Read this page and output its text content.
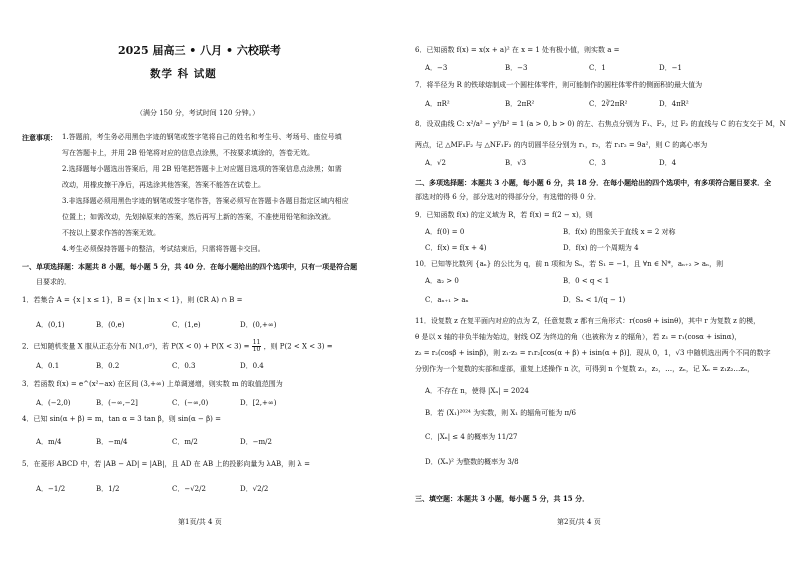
2025 届高三 • 八月 • 六校联考
数学 科 试题
（满分 150 分，考试时间 120 分钟。）
注意事项： 1.答题前，考生务必用黑色字迹的钢笔或签字笔将自己的姓名和考生号、考场号、座位号填
写在答题卡上，并用 2B 铅笔将对应的信息点涂黑，不按要求填涂的，答卷无效。
2.选择题每小题选出答案后，用 2B 铅笔把答题卡上对应题目选项的答案信息点涂黑；如需
改动，用橡皮擦干净后，再选涂其他答案，答案不能答在试卷上。
3.非选择题必须用黑色字迹的钢笔或签字笔作答，答案必须写在答题卡各题目指定区域内相应
位置上；如需改动，先划掉原来的答案，然后再写上新的答案，不准使用铅笔和涂改液。
不按以上要求作答的答案无效。
4.考生必须保持答题卡的整洁，考试结束后，只需将答题卡交回。
一、单项选择题：本题共 8 小题，每小题 5 分，共 40 分．在每小题给出的四个选项中，只有一项是符合题
目要求的．
1．若集合 A = {x | x ≤ 1}，B = {x | ln x < 1}，则 (∁R A) ∩ B =
A．(0,1)	B．(0,e)	C．(1,e)	D．(0,+∞)
2．已知随机变量 X 服从正态分布 N(1,σ²)，若 $P(X < 0) + P(X < 3) = \frac{11}{10}$ ，则 P(2 < X < 3) =
A．0.1	B．0.2	C．0.3	D．0.4
3．若函数 f(x) = e^(x²−ax) 在区间 (3,+∞) 上单调递增，则实数 m 的取值范围为
A．(−2,0)	B．(−∞,−2]	C．(−∞,0)	D．[2,+∞)
4．已知 sin(α + β) = m，tan α = 3 tan β，则 sin(α − β) =
A．m/4	B．−m/4	C．m/2	D．−m/2
5．在菱形 ABCD 中，若 |AB − AD| = |AB|，且 AD 在 AB 上的投影向量为 λAB，则 λ =
A．−1/2	B．1/2	C．−√2/2	D．√2/2
第1页/共 4 页
6．已知函数 f(x) = x(x + a)² 在 x = 1 处有极小值，则实数 a =
A．−3	B．−3	C．1	D．−1
7．将半径为 R 的铁球熔制成一个圆柱体零件，则可能制作的圆柱体零件的侧面积的最大值为
A．πR²	B．2πR²	C．2∛2πR²	D．4πR²
8．设双曲线 C: x²/a² − y²/b² = 1 (a > 0, b > 0) 的左、右焦点分别为 F₁、F₂，过 F₂ 的直线与 C 的右支交于 M，N
两点，记 △MF₁F₂ 与 △NF₁F₂ 的内切圆半径分别为 r₁，r₂，若 r₁r₂ = 9a²，则 C 的离心率为
A．√2	B．√3	C．3	D．4
二、多项选择题：本题共 3 小题，每小题 6 分，共 18 分．在每小题给出的四个选项中，有多项符合题目要求．全
部选对的得 6 分，部分选对的得部分分，有选错的得 0 分．
9．已知函数 f(x) 的定义域为 R，若 f(x) = f(2 − x)，则
A．f(0) = 0	B．f(x) 的图象关于直线 x = 2 对称
C．f(x) = f(x + 4)	D．f(x) 的一个周期为 4
10．已知等比数列 {aₙ} 的公比为 q，前 n 项和为 Sₙ，若 S₁ = −1，且 ∀n ∈ N*，aₙ₊₂ > aₙ，则
A．a₂ > 0	B．0 < q < 1
C．aₙ₊₁ > aₙ	D．Sₙ < 1/(q − 1)
11．设复数 z 在复平面内对应的点为 Z，任意复数 z 都有三角形式：r(cosθ + isinθ)，其中 r 为复数 z 的模，
θ 是以 x 轴的非负半轴为始边，射线 OZ 为终边的角（也被称为 z 的辐角），若 z₁ = r₁(cosα + isinα)，
z₂ = r₂(cosβ + isinβ)，则 z₁·z₂ = r₁r₂[cos(α + β) + isin(α + β)]．现从 0，1，√3 中随机选出两个不同的数字
分别作为一个复数的实部和虚部，重复上述操作 n 次，可得到 n 个复数 z₁，z₂，…，zₙ，记 Xₙ = z₁z₂…zₙ，
A．不存在 n，使得 |Xₙ| = 2024
B．若 (X₁)²⁰²⁴ 为实数，则 X₁ 的辐角可能为 π/6
C．|Xₙ| ≤ 4 的概率为 11/27
D．(Xₙ)² 为整数的概率为 3/8
三、填空题：本题共 3 小题，每小题 5 分，共 15 分．
第2页/共 4 页
